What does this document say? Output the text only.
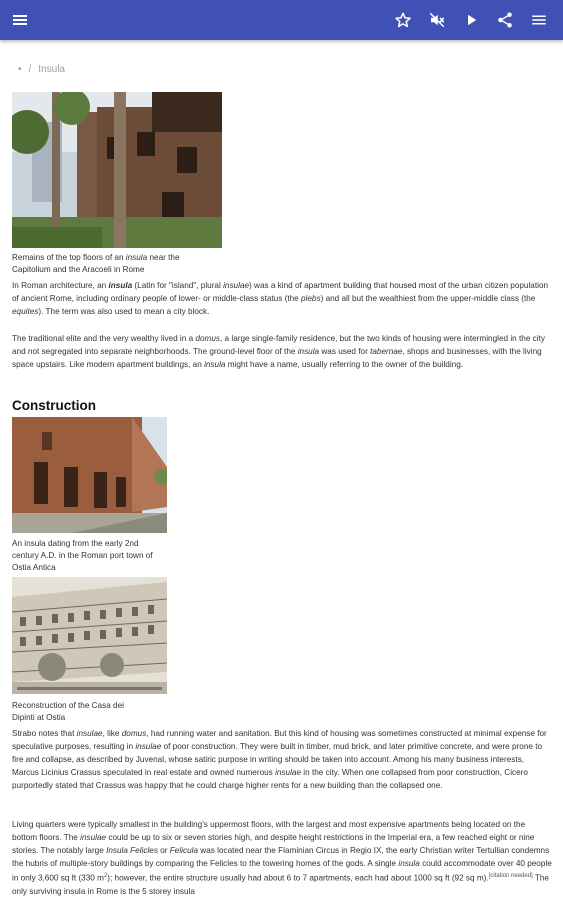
• / Insula
Remains of the top floors of an insula near the Capitolium and the Aracoeli in Rome
In Roman architecture, an insula (Latin for "island", plural insulae) was a kind of apartment building that housed most of the urban citizen population of ancient Rome, including ordinary people of lower- or middle-class status (the plebs) and all but the wealthiest from the upper-middle class (the equites). The term was also used to mean a city block.
The traditional elite and the very wealthy lived in a domus, a large single-family residence, but the two kinds of housing were intermingled in the city and not segregated into separate neighborhoods. The ground-level floor of the insula was used for tabernae, shops and businesses, with the living space upstairs. Like modern apartment buildings, an insula might have a name, usually referring to the owner of the building.
Construction
An insula dating from the early 2nd century A.D. in the Roman port town of Ostia Antica
Reconstruction of the Casa dei Dipinti at Ostia
Strabo notes that insulae, like domus, had running water and sanitation. But this kind of housing was sometimes constructed at minimal expense for speculative purposes, resulting in insulae of poor construction. They were built in timber, mud brick, and later primitive concrete, and were prone to fire and collapse, as described by Juvenal, whose satiric purpose in writing should be taken into account. Among his many business interests, Marcus Licinius Crassus speculated in real estate and owned numerous insulae in the city. When one collapsed from poor construction, Cicero purportedly stated that Crassus was happy that he could charge higher rents for a new building than the collapsed one.
Living quarters were typically smallest in the building's uppermost floors, with the largest and most expensive apartments being located on the bottom floors. The insulae could be up to six or seven stories high, and despite height restrictions in the Imperial era, a few reached eight or nine stories. The notably large Insula Felicles or Felicula was located near the Flaminian Circus in Regio IX, the early Christian writer Tertullian condemns the hubris of multiple-story buildings by comparing the Felicles to the towering homes of the gods. A single insula could accommodate over 40 people in only 3,600 sq ft (330 $m^2$); however, the entire structure usually had about 6 to 7 apartments, each had about 1000 sq ft (92 sq m).[citation needed] The only surviving insula in Rome is the 5 storey insula
